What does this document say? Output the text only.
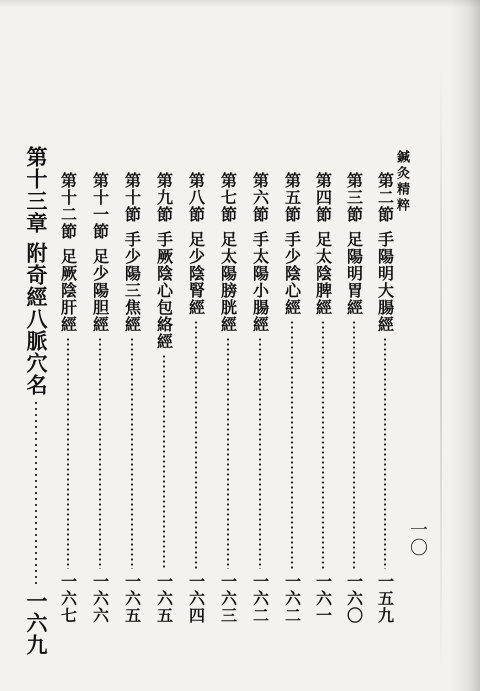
鍼灸精粹
一〇
第二節
手陽明大腸經
一五九
第三節
足陽明胃經
一六〇
第四節
足太陰脾經
一六一
第五節
手少陰心經
一六二
第六節
手太陽小腸經
一六二
第七節
足太陽膀胱經
一六三
第八節
足少陰腎經
一六四
第九節
手厥陰心包絡經
一六五
第十節
手少陽三焦經
一六五
第十一節
足少陽胆經
一六六
第十二節
足厥陰肝經
一六七
第十三章
附奇經八脈穴名
一六九
